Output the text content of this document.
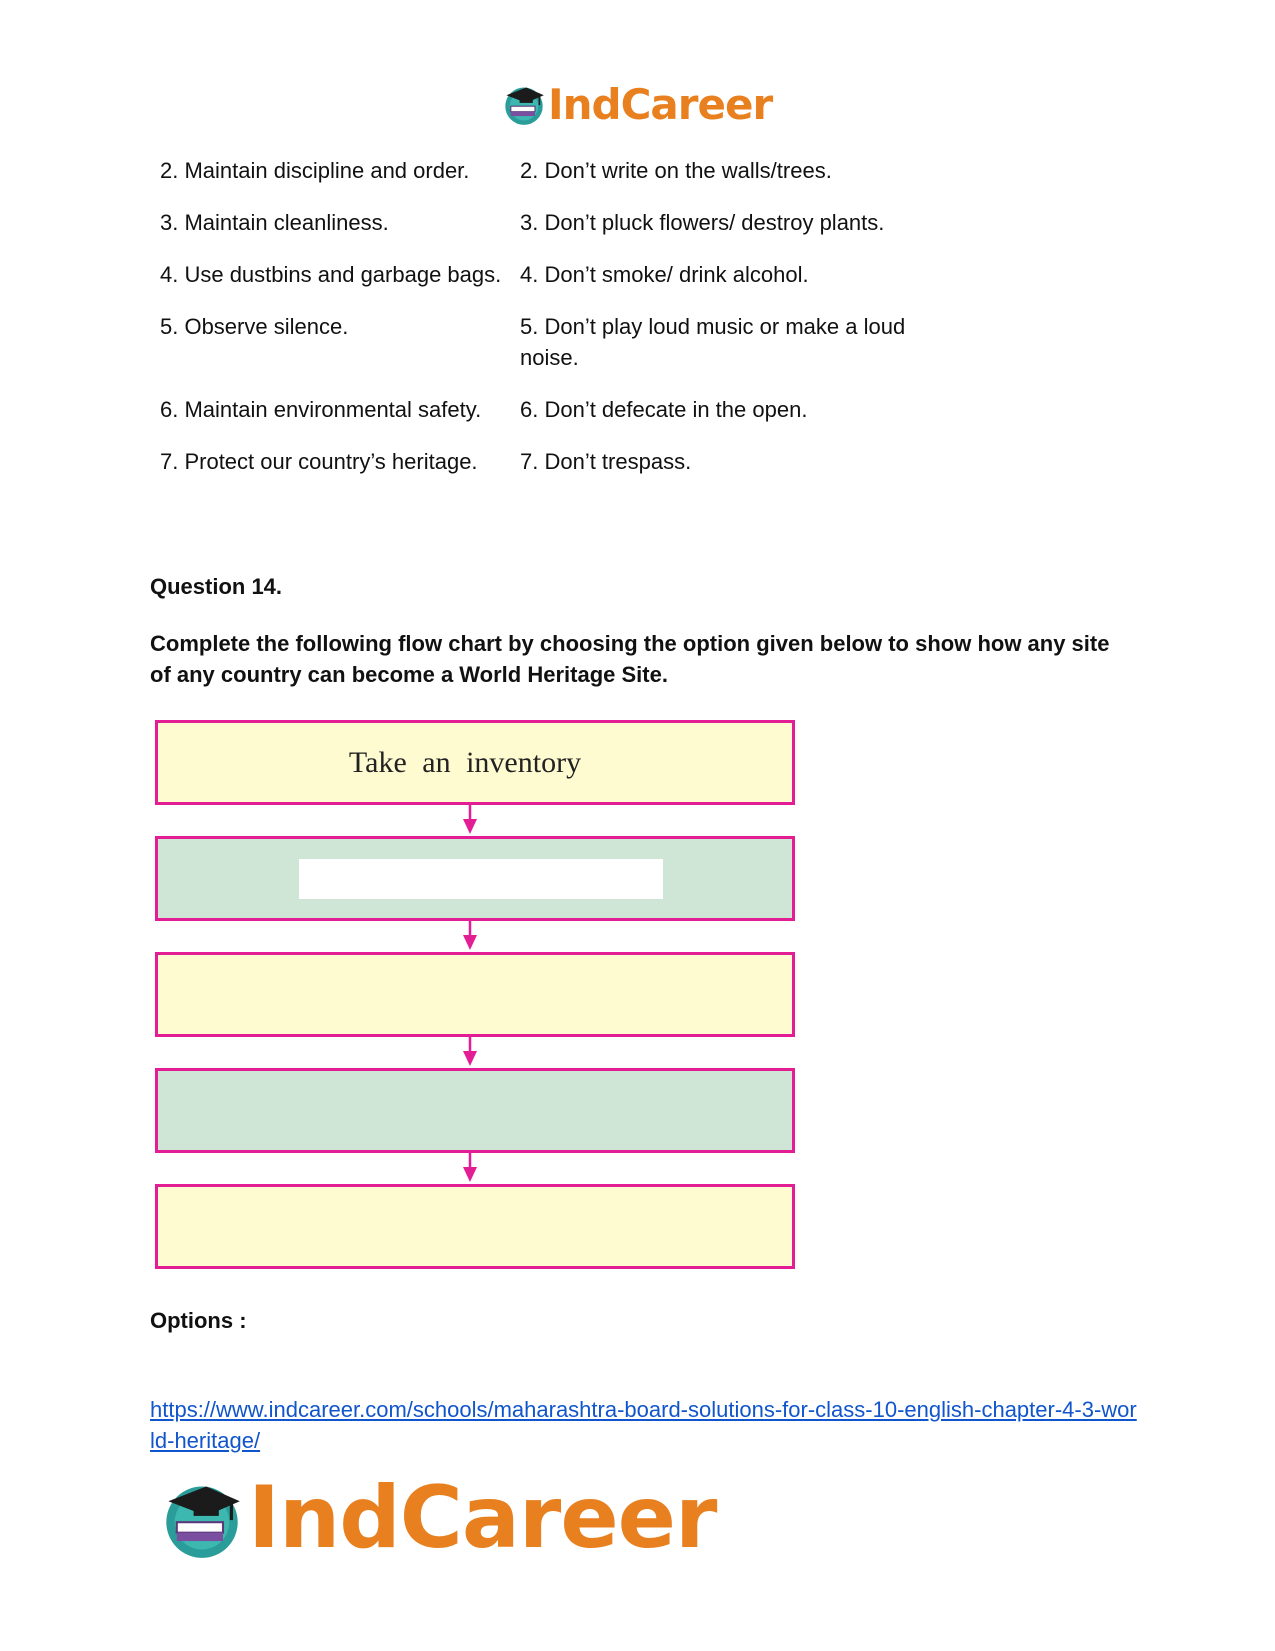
IndCareer
2. Maintain discipline and order.	2. Don’t write on the walls/trees.
3. Maintain cleanliness.	3. Don’t pluck flowers/ destroy plants.
4. Use dustbins and garbage bags. 4. Don’t smoke/ drink alcohol.
5. Observe silence.	5. Don’t play loud music or make a loud noise.
6. Maintain environmental safety.	6. Don’t defecate in the open.
7. Protect our country’s heritage.	7. Don’t trespass.
Question 14.
Complete the following flow chart by choosing the option given below to show how any site of any country can become a World Heritage Site.
Take an inventory
Options :
https://www.indcareer.com/schools/maharashtra-board-solutions-for-class-10-english-chapter-4-3-world-heritage/
IndCareer
